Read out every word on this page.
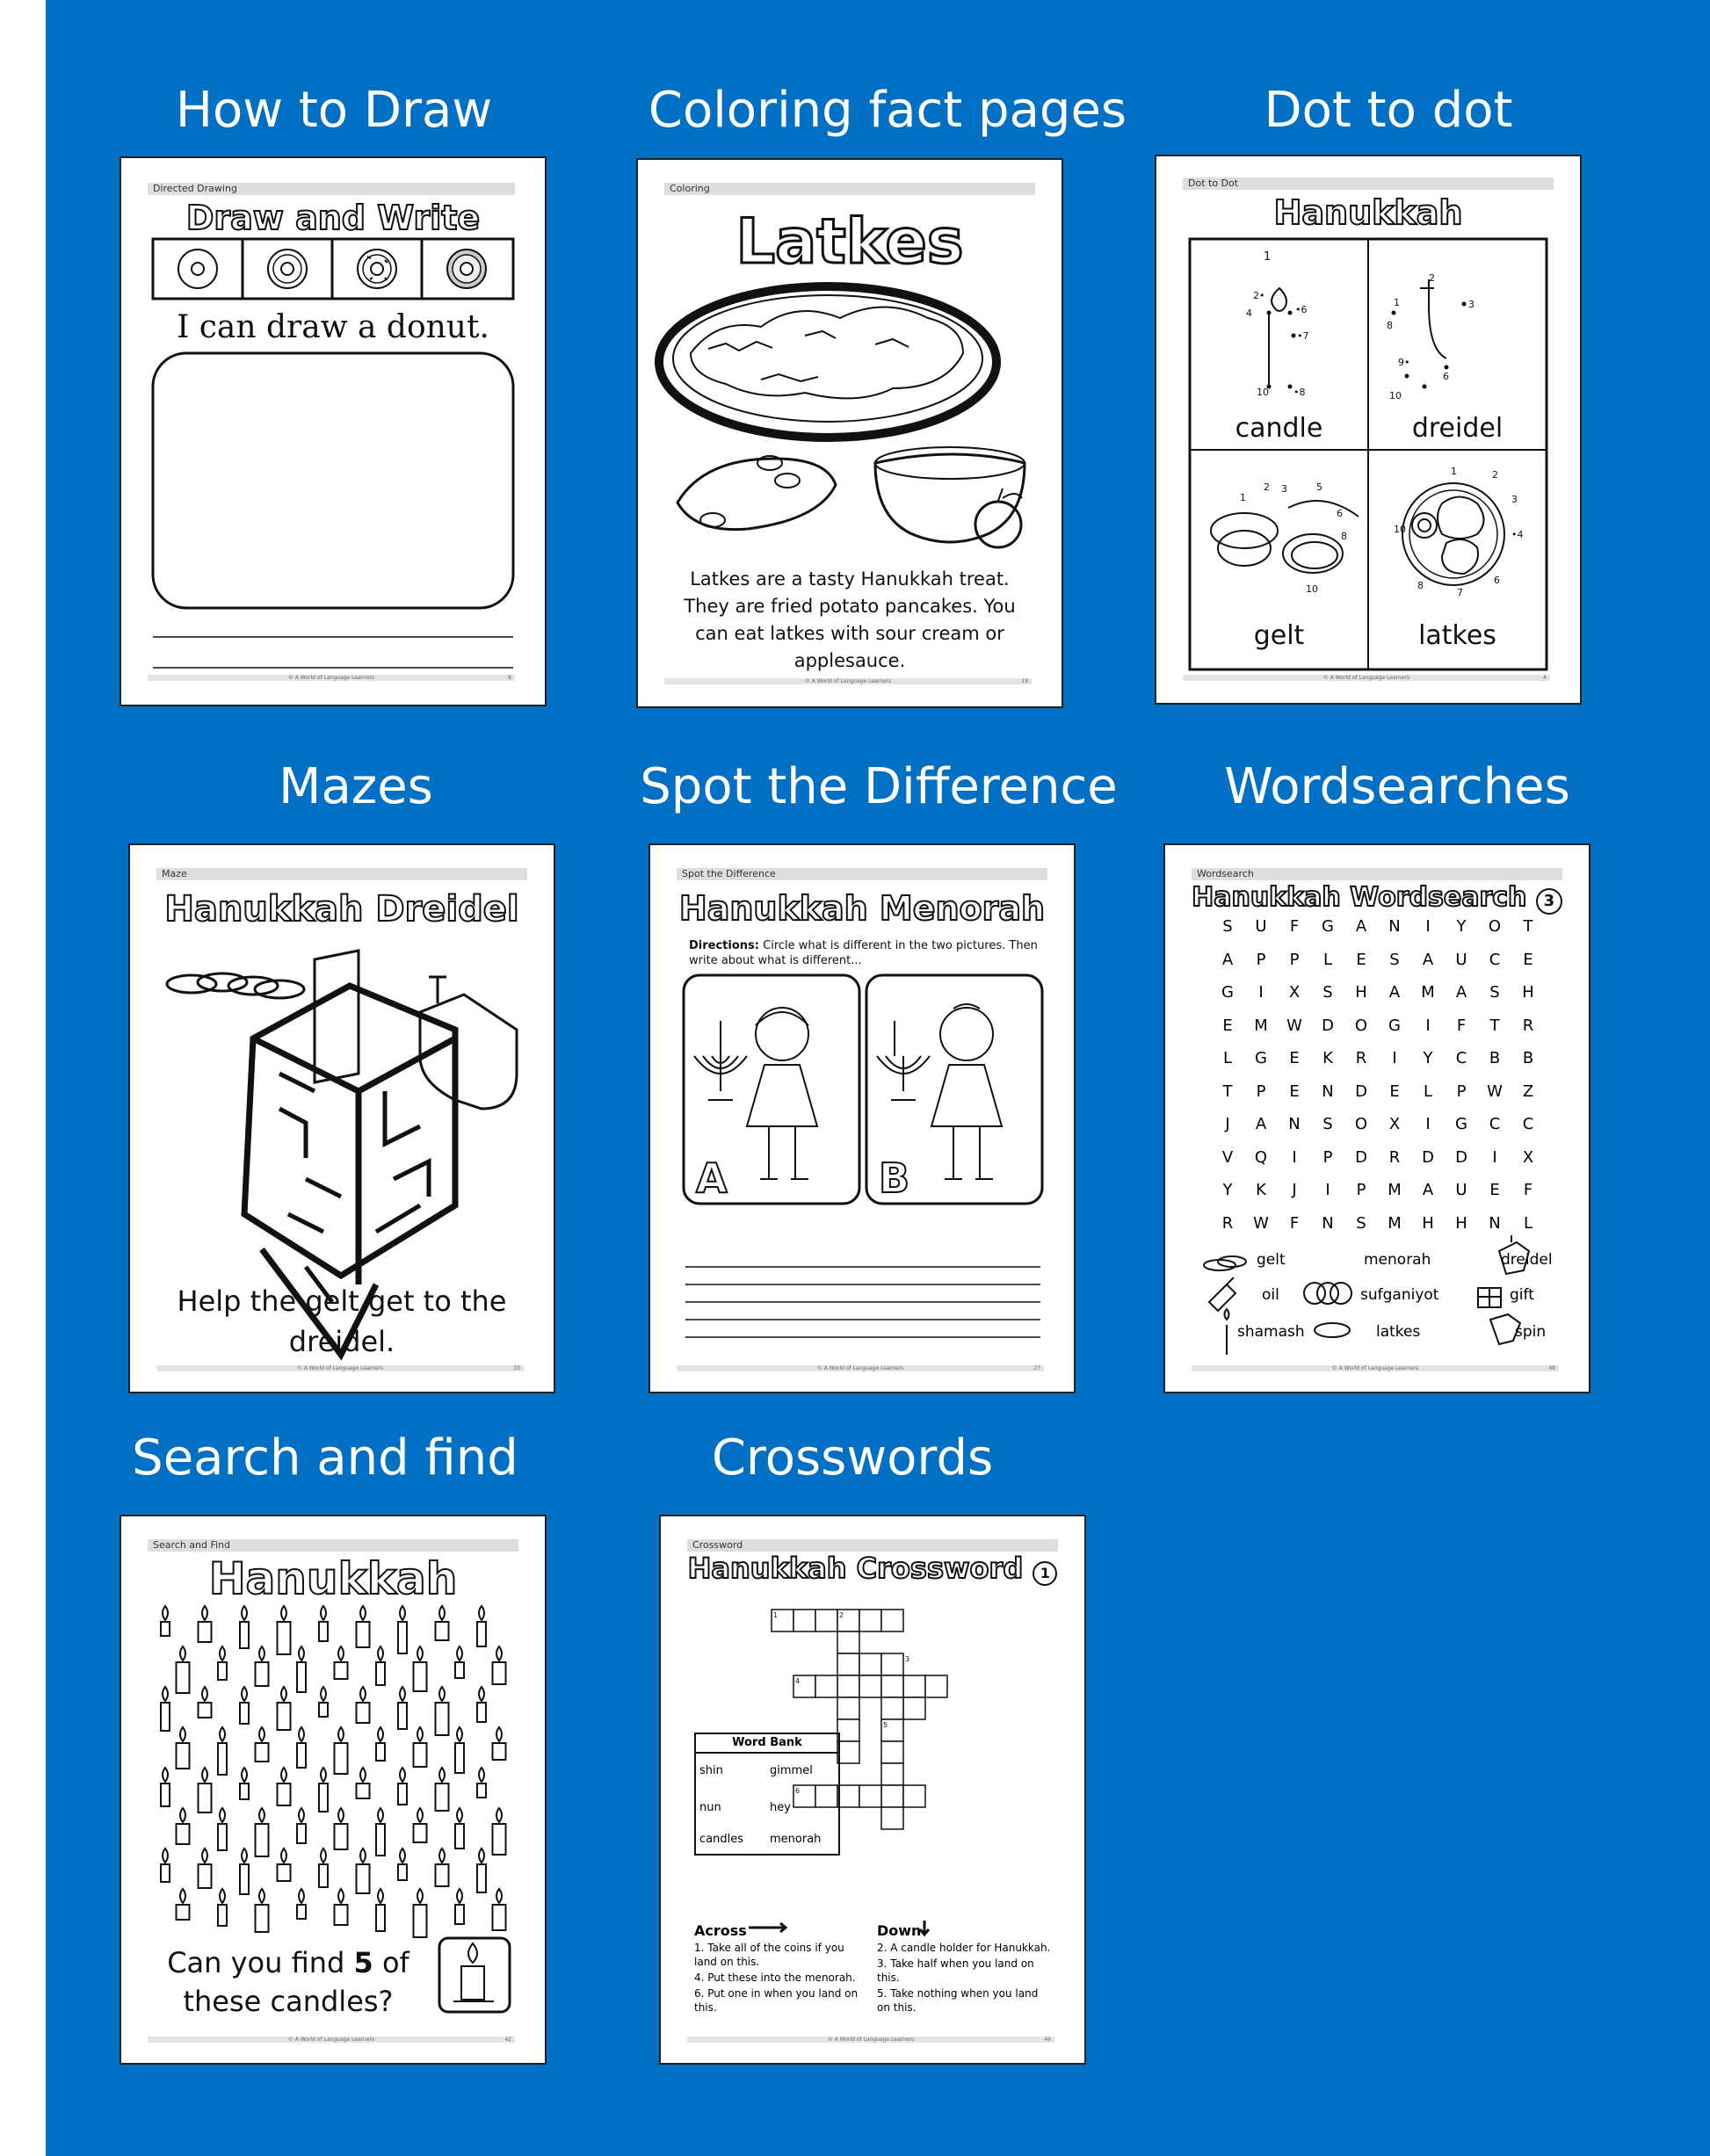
How to Draw	Coloring fact pages	Dot to dot
Mazes	Spot the Difference	Wordsearches
Search and find	Crosswords
Directed Drawing
Draw and Write
I can draw a donut.
© A World of Language Learners	8
Coloring
Latkes
Latkes are a tasty Hanukkah treat. They are fried potato pancakes. You can eat latkes with sour cream or applesauce.
© A World of Language Learners	19
Dot to Dot
Hanukkah
1
2•
4	•6
•7
10	•8
1
8
3
9•
6
10
2
1
2 3	5
6
8
10
1	2
3
•4
10
8
7
6
candle	dreidel
gelt	latkes
© A World of Language Learners	4
Maze
Hanukkah Dreidel
Help the gelt get to the dreidel.
© A World of Language Learners	33
Spot the Difference
Hanukkah Menorah
Directions: Circle what is different in the two pictures. Then write about what is different...
A	B
© A World of Language Learners	27
Wordsearch
Hanukkah Wordsearch 3
S	U	F	G	A	N	I	Y	O	T
A	P	P	L	E	S	A	U	C	E
G	I	X	S	H	A	M	A	S	H
E	M	W	D	O	G	I	F	T	R
L	G	E	K	R	I	Y	C	B	B
T	P	E	N	D	E	L	P	W	Z
J	A	N	S	O	X	I	G	C	C
V	Q	I	P	D	R	D	D	I	X
Y	K	J	I	P	M	A	U	E	F
R	W	F	N	S	M	H	H	N	L
gelt	menorah	dreidel
oil	sufganiyot	gift
shamash	latkes	spin
© A World of Language Learners	48
Search and Find
Hanukkah
Can you find 5 of
these candles?
© A World of Language Learners	42
Crossword
Hanukkah Crossword 1
1	2
3
4
5
6
Word Bank
shin	gimmel
nun	hey
candles menorah
Across
1. Take all of the coins if you land on this.
4. Put these into the menorah.
6. Put one in when you land on this.
Down
2. A candle holder for Hanukkah.
3. Take half when you land on this.
5. Take nothing when you land on this.
© A World of Language Learners	46
